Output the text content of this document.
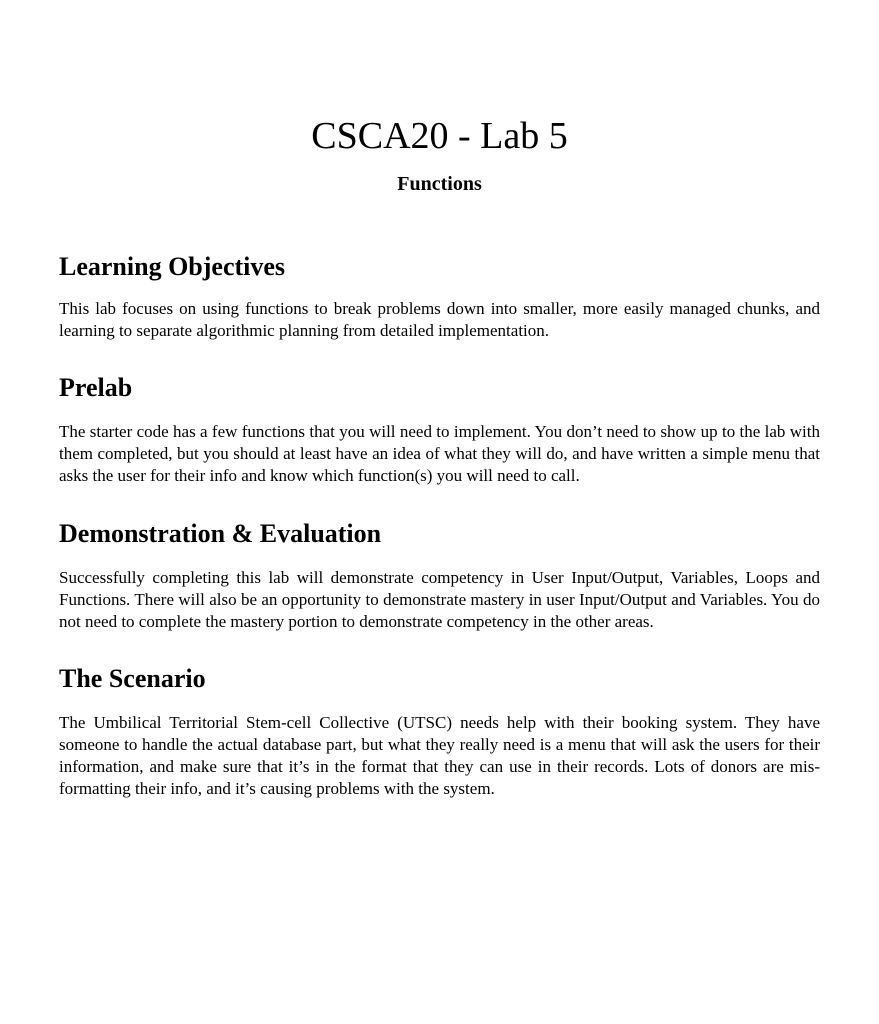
CSCA20 - Lab 5
Functions
Learning Objectives

This lab focuses on using functions to break problems down into smaller, more easily managed chunks, and learning to separate algorithmic planning from detailed implementation.

Prelab

The starter code has a few functions that you will need to implement. You don’t need to show up to the lab with them completed, but you should at least have an idea of what they will do, and have written a simple menu that asks the user for their info and know which function(s) you will need to call.

Demonstration & Evaluation

Successfully completing this lab will demonstrate competency in User Input/Output, Variables, Loops and Functions. There will also be an opportunity to demonstrate mastery in user Input/Output and Variables. You do not need to complete the mastery portion to demonstrate competency in the other areas.

The Scenario

The Umbilical Territorial Stem-cell Collective (UTSC) needs help with their booking system. They have someone to handle the actual database part, but what they really need is a menu that will ask the users for their information, and make sure that it’s in the format that they can use in their records. Lots of donors are mis-formatting their info, and it’s causing problems with the system.
